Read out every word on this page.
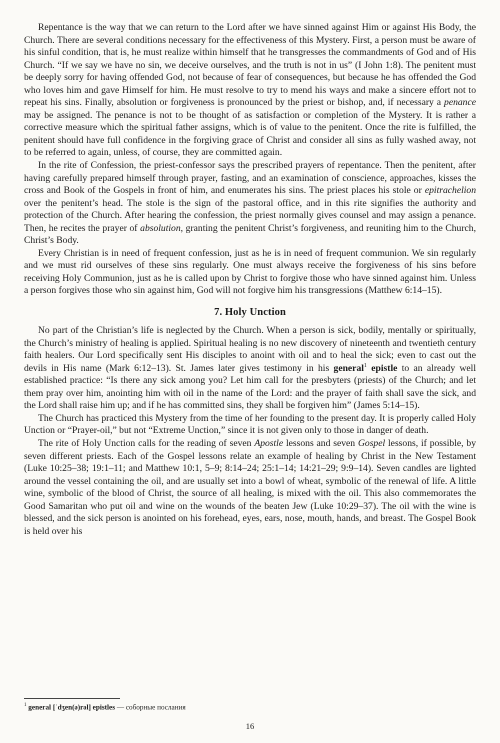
Repentance is the way that we can return to the Lord after we have sinned against Him or against His Body, the Church. There are several conditions necessary for the effectiveness of this Mystery. First, a person must be aware of his sinful condition, that is, he must realize within himself that he transgresses the commandments of God and of His Church. “If we say we have no sin, we deceive ourselves, and the truth is not in us” (I John 1:8). The penitent must be deeply sorry for having offended God, not because of fear of consequences, but because he has offended the God who loves him and gave Himself for him. He must resolve to try to mend his ways and make a sincere effort not to repeat his sins. Finally, absolution or forgiveness is pronounced by the priest or bishop, and, if necessary a penance may be assigned. The penance is not to be thought of as satisfaction or completion of the Mystery. It is rather a corrective measure which the spiritual father assigns, which is of value to the penitent. Once the rite is fulfilled, the penitent should have full confidence in the forgiving grace of Christ and consider all sins as fully washed away, not to be referred to again, unless, of course, they are committed again.

In the rite of Confession, the priest-confessor says the prescribed prayers of repentance. Then the penitent, after having carefully prepared himself through prayer, fasting, and an examination of conscience, approaches, kisses the cross and Book of the Gospels in front of him, and enumerates his sins. The priest places his stole or epitrachelion over the penitent’s head. The stole is the sign of the pastoral office, and in this rite signifies the authority and protection of the Church. After hearing the confession, the priest normally gives counsel and may assign a penance. Then, he recites the prayer of absolution, granting the penitent Christ’s forgiveness, and reuniting him to the Church, Christ’s Body.

Every Christian is in need of frequent confession, just as he is in need of frequent communion. We sin regularly and we must rid ourselves of these sins regularly. One must always receive the forgiveness of his sins before receiving Holy Communion, just as he is called upon by Christ to forgive those who have sinned against him. Unless a person forgives those who sin against him, God will not forgive him his transgressions (Matthew 6:14–15).

7. Holy Unction

No part of the Christian’s life is neglected by the Church. When a person is sick, bodily, mentally or spiritually, the Church’s ministry of healing is applied. Spiritual healing is no new discovery of nineteenth and twentieth century faith healers. Our Lord specifically sent His disciples to anoint with oil and to heal the sick; even to cast out the devils in His name (Mark 6:12–13). St. James later gives testimony in his general$^1$ epistle to an already well established practice: “Is there any sick among you? Let him call for the presbyters (priests) of the Church; and let them pray over him, anointing him with oil in the name of the Lord: and the prayer of faith shall save the sick, and the Lord shall raise him up; and if he has committed sins, they shall be forgiven him” (James 5:14–15).

The Church has practiced this Mystery from the time of her founding to the present day. It is properly called Holy Unction or “Prayer-oil,” but not “Extreme Unction,” since it is not given only to those in danger of death.

The rite of Holy Unction calls for the reading of seven Apostle lessons and seven Gospel lessons, if possible, by seven different priests. Each of the Gospel lessons relate an example of healing by Christ in the New Testament (Luke 10:25–38; 19:1–11; and Matthew 10:1, 5–9; 8:14–24; 25:1–14; 14:21–29; 9:9–14). Seven candles are lighted around the vessel containing the oil, and are usually set into a bowl of wheat, symbolic of the renewal of life. A little wine, symbolic of the blood of Christ, the source of all healing, is mixed with the oil. This also commemorates the Good Samaritan who put oil and wine on the wounds of the beaten Jew (Luke 10:29–37). The oil with the wine is blessed, and the sick person is anointed on his forehead, eyes, ears, nose, mouth, hands, and breast. The Gospel Book is held over his

$^1$ general [ˈdʒen(ə)rəl] epistles — соборные послания
16
